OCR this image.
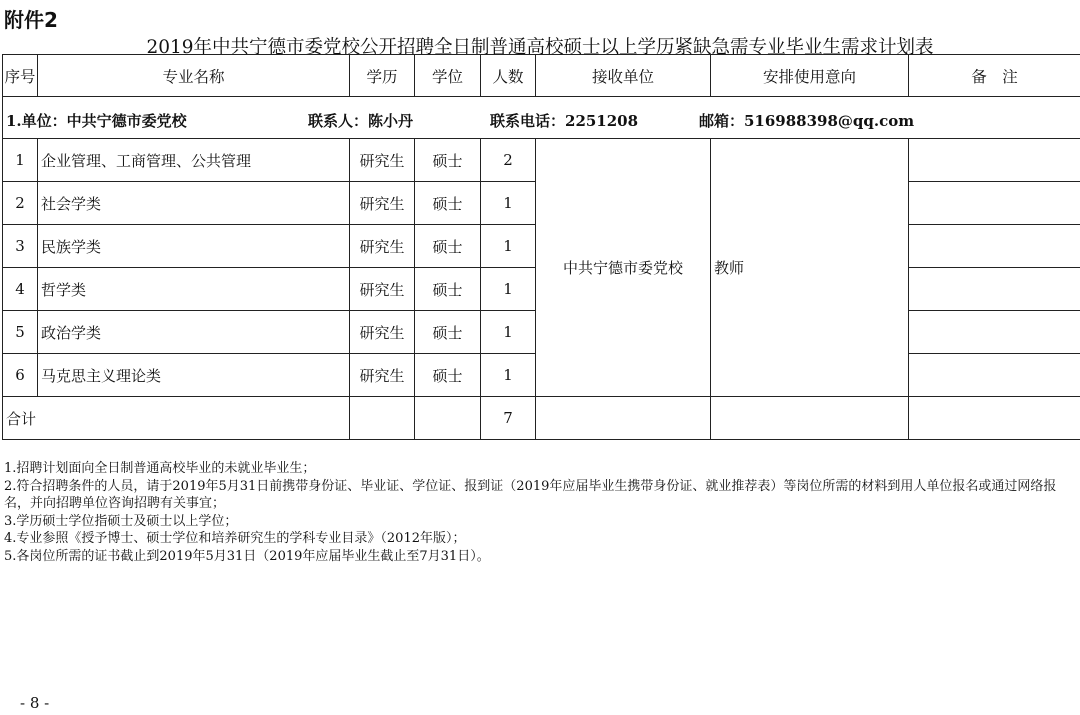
附件2
2019年中共宁德市委党校公开招聘全日制普通高校硕士以上学历紧缺急需专业毕业生需求计划表
序号	专业名称	学历	学位	人数	接收单位	安排使用意向	备　注

1.单位：中共宁德市委党校 联系人：陈小丹 联系电话：2251208 邮箱：516988398@qq.com							

1	企业管理、工商管理、公共管理	研究生	硕士	2	中共宁德市委党校	教师	
2	社会学类	研究生	硕士	1			
3	民族学类	研究生	硕士	1			
4	哲学类	研究生	硕士	1			
5	政治学类	研究生	硕士	1			
6	马克思主义理论类	研究生	硕士	1			
合计				7			
1.招聘计划面向全日制普通高校毕业的未就业毕业生；
2.符合招聘条件的人员，请于2019年5月31日前携带身份证、毕业证、学位证、报到证（2019年应届毕业生携带身份证、就业推荐表）等岗位所需的材料到用人单位报名或通过网络报名，并向招聘单位咨询招聘有关事宜；
3.学历硕士学位指硕士及硕士以上学位；
4.专业参照《授予博士、硕士学位和培养研究生的学科专业目录》（2012年版）；
5.各岗位所需的证书截止到2019年5月31日（2019年应届毕业生截止至7月31日）。
- 8 -
